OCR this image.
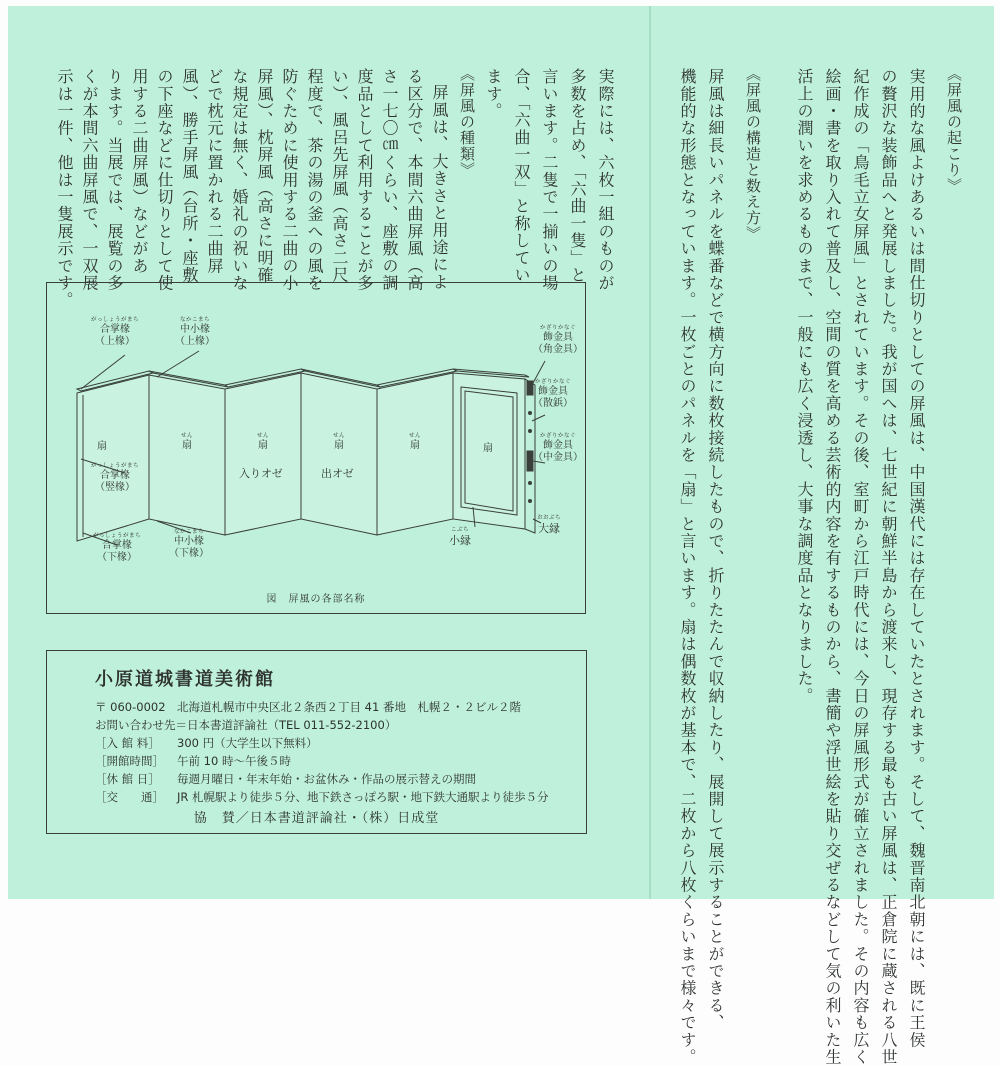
《屏風の起こり》
実用的な風よけあるいは間仕切りとしての屏風は、中国漢代には存在していたとされます。そして、魏晋南北朝には、既に王侯
の贅沢な装飾品へと発展しました。我が国へは、七世紀に朝鮮半島から渡来し、現存する最も古い屏風は、正倉院に蔵される八世
紀作成の「鳥毛立女屏風」とされています。その後、室町から江戸時代には、今日の屏風形式が確立されました。その内容も広く
絵画・書を取り入れて普及し、空間の質を高める芸術的内容を有するものから、書簡や浮世絵を貼り交ぜるなどして気の利いた生
活上の潤いを求めるものまで、一般にも広く浸透し、大事な調度品となりました。
《屏風の構造と数え方》
屏風は細長いパネルを蝶番などで横方向に数枚接続したもので、折りたたんで収納したり、展開して展示することができる、
機能的な形態となっています。一枚ごとのパネルを「扇」と言います。扇は偶数枚が基本で、二枚から八枚くらいまで様々です。
実際には、六枚一組のものが
多数を占め、「六曲一隻」と
言います。二隻で一揃いの場
合、「六曲一双」と称してい
ます。
《屏風の種類》
屏風は、大きさと用途によ
る区分で、本間六曲屏風（高
さ一七〇㎝くらい、座敷の調
度品として利用することが多
い）、風呂先屏風（高さ二尺
程度で、茶の湯の釜への風を
防ぐために使用する二曲の小
屏風）、枕屏風（高さに明確
な規定は無く、婚礼の祝いな
どで枕元に置かれる二曲屏
風）、勝手屏風（台所・座敷
の下座などに仕切りとして使
用する二曲屏風）などがあ
ります。当展では、展覧の多
くが本間六曲屏風で、一双展
示は一件、他は一隻展示です。
がっしょうがまち
合掌椽
（上椽）
なかこまち
中小椽
（上椽）
扇
がっしょうがまち
合掌椽
（竪椽）
せん
扇
せん
扇
入りオゼ
せん
扇
出オゼ
せん
扇	扇
がっしょうがまち
合掌椽
（下椽）
なかこまち
中小椽
（下椽）
こぶち
小縁
おおぶち
大縁
かざりかなぐ
飾金具
（角金具）
かざりかなぐ
飾金具
（散鋲）
かざりかなぐ
飾金具
（中金具）
図　屏風の各部名称
小原道城書道美術館
〒 060-0002　北海道札幌市中央区北２条西２丁目 41 番地　札幌２・２ビル２階
お問い合わせ先＝日本書道評論社（TEL 011-552-2100）
［入 館 料］ 300 円（大学生以下無料）
［開館時間］ 午前 10 時～午後５時
［休 館 日］ 毎週月曜日・年末年始・お盆休み・作品の展示替えの期間
［交　　通］ JR 札幌駅より徒歩５分、地下鉄さっぽろ駅・地下鉄大通駅より徒歩５分
協　賛／日本書道評論社・（株）日成堂
